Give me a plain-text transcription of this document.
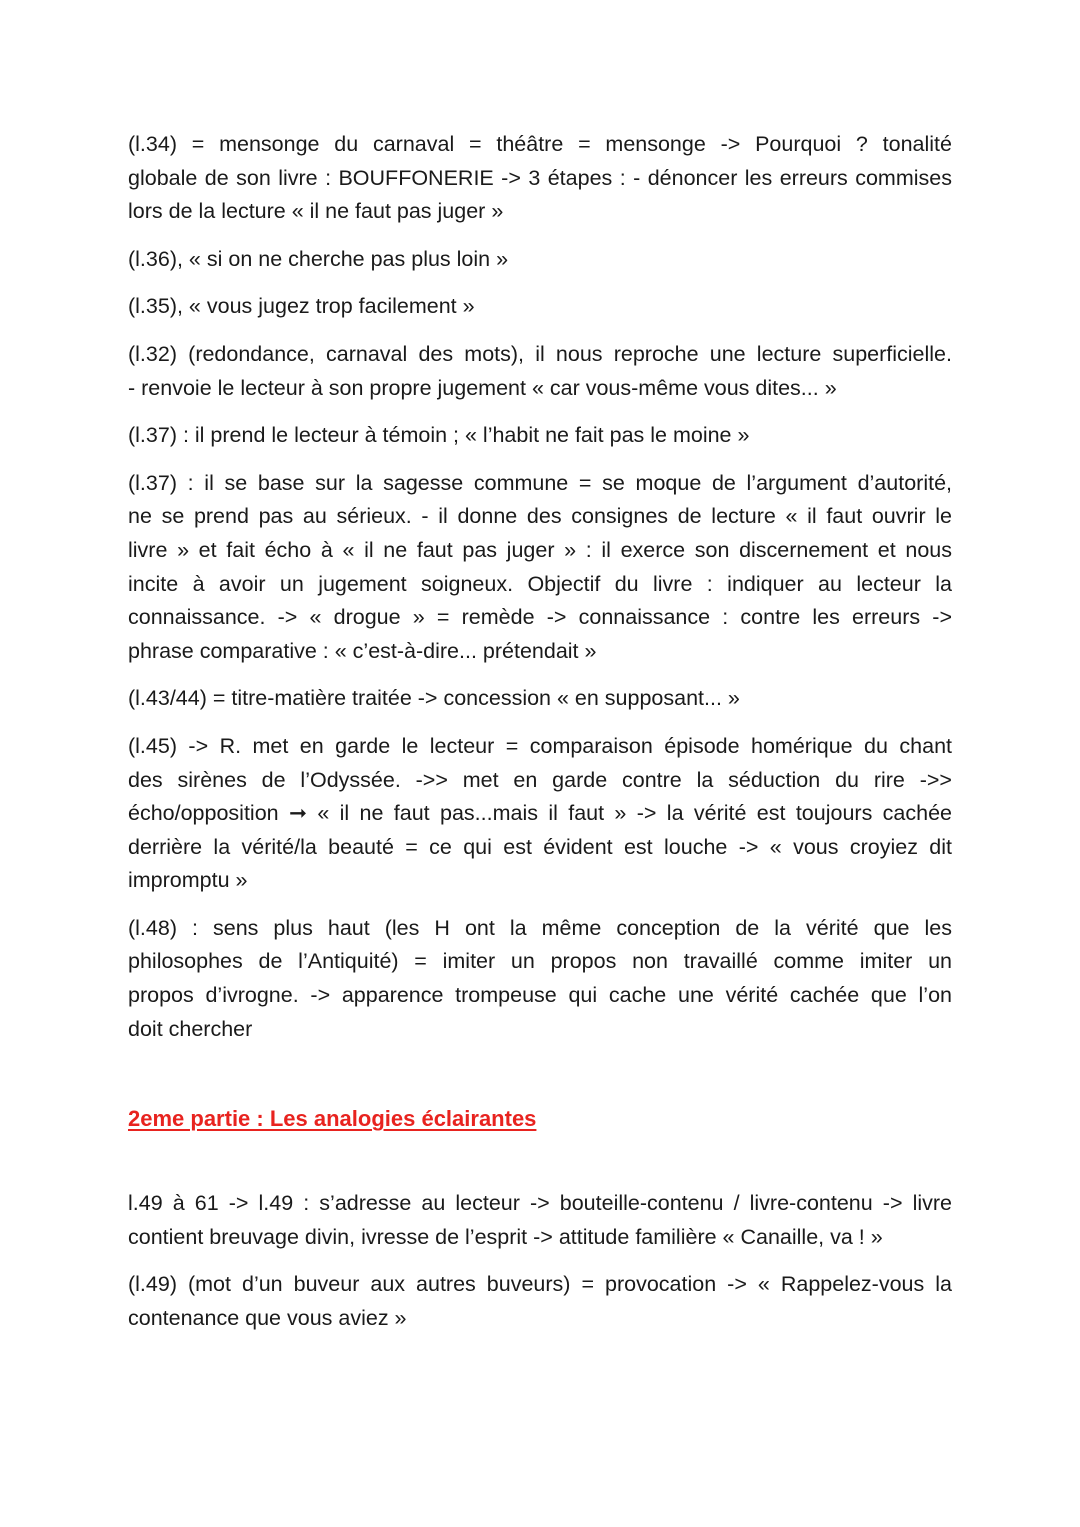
(l.34) = mensonge du carnaval = théâtre = mensonge -> Pourquoi ? tonalité
globale de son livre : BOUFFONERIE -> 3 étapes : - dénoncer les erreurs commises
lors de la lecture « il ne faut pas juger »
(l.36), « si on ne cherche pas plus loin »
(l.35), « vous jugez trop facilement »
(l.32) (redondance, carnaval des mots), il nous reproche une lecture superficielle.
- renvoie le lecteur à son propre jugement « car vous-même vous dites... »
(l.37) : il prend le lecteur à témoin ; « l’habit ne fait pas le moine »
(l.37) : il se base sur la sagesse commune = se moque de l’argument d’autorité,
ne se prend pas au sérieux. - il donne des consignes de lecture « il faut ouvrir le
livre » et fait écho à « il ne faut pas juger » : il exerce son discernement et nous
incite à avoir un jugement soigneux. Objectif du livre : indiquer au lecteur la
connaissance. -> « drogue » = remède -> connaissance : contre les erreurs ->
phrase comparative : « c’est-à-dire... prétendait »
(l.43/44) = titre-matière traitée -> concession « en supposant... »
(l.45) -> R. met en garde le lecteur = comparaison épisode homérique du chant
des sirènes de l’Odyssée. ->> met en garde contre la séduction du rire ->>
écho/opposition ➞ « il ne faut pas...mais il faut » -> la vérité est toujours cachée
derrière la vérité/la beauté = ce qui est évident est louche -> « vous croyiez dit
impromptu »
(l.48) : sens plus haut (les H ont la même conception de la vérité que les
philosophes de l’Antiquité) = imiter un propos non travaillé comme imiter un
propos d’ivrogne. -> apparence trompeuse qui cache une vérité cachée que l’on
doit chercher
2eme partie : Les analogies éclairantes
l.49 à 61 -> l.49 : s’adresse au lecteur -> bouteille-contenu / livre-contenu -> livre
contient breuvage divin, ivresse de l’esprit -> attitude familière « Canaille, va ! »
(l.49) (mot d’un buveur aux autres buveurs) = provocation -> « Rappelez-vous la
contenance que vous aviez »
